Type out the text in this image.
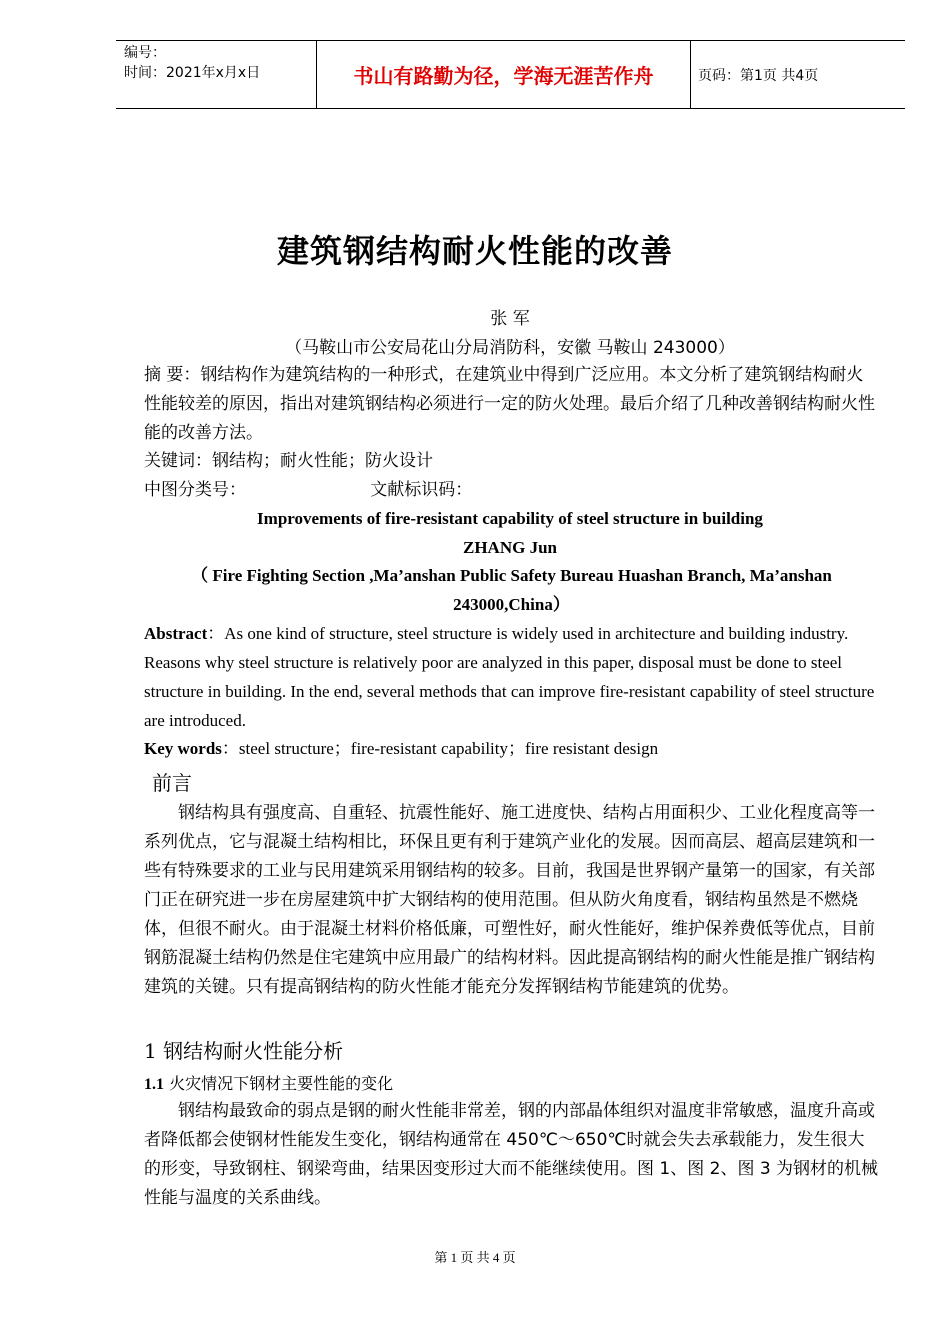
编号：
时间：2021年x月x日	书山有路勤为径，学海无涯苦作舟	页码：第1页 共4页
建筑钢结构耐火性能的改善
张 军
（马鞍山市公安局花山分局消防科，安徽 马鞍山 243000）

摘 要：钢结构作为建筑结构的一种形式，在建筑业中得到广泛应用。本文分析了建筑钢结构耐火性能较差的原因，指出对建筑钢结构必须进行一定的防火处理。最后介绍了几种改善钢结构耐火性能的改善方法。

关键词：钢结构；耐火性能；防火设计

中图分类号：                       文献标识码：

Improvements of fire-resistant capability of steel structure in building

ZHANG Jun

（ Fire Fighting Section ,Ma’anshan Public Safety Bureau Huashan Branch, Ma’anshan 243000,China）

Abstract：As one kind of structure, steel structure is widely used in architecture and building industry. Reasons why steel structure is relatively poor are analyzed in this paper, disposal must be done to steel structure in building. In the end, several methods that can improve fire-resistant capability of steel structure are introduced.

Key words：steel structure；fire-resistant capability；fire resistant design

前言

钢结构具有强度高、自重轻、抗震性能好、施工进度快、结构占用面积少、工业化程度高等一系列优点，它与混凝土结构相比，环保且更有利于建筑产业化的发展。因而高层、超高层建筑和一些有特殊要求的工业与民用建筑采用钢结构的较多。目前，我国是世界钢产量第一的国家，有关部门正在研究进一步在房屋建筑中扩大钢结构的使用范围。但从防火角度看，钢结构虽然是不燃烧体，但很不耐火。由于混凝土材料价格低廉，可塑性好，耐火性能好，维护保养费低等优点，目前钢筋混凝土结构仍然是住宅建筑中应用最广的结构材料。因此提高钢结构的耐火性能是推广钢结构建筑的关键。只有提高钢结构的防火性能才能充分发挥钢结构节能建筑的优势。

1 钢结构耐火性能分析
1.1 火灾情况下钢材主要性能的变化

钢结构最致命的弱点是钢的耐火性能非常差，钢的内部晶体组织对温度非常敏感，温度升高或者降低都会使钢材性能发生变化，钢结构通常在 450℃～650℃时就会失去承载能力，发生很大的形变，导致钢柱、钢梁弯曲，结果因变形过大而不能继续使用。图 1、图 2、图 3 为钢材的机械性能与温度的关系曲线。

第 1 页 共 4 页
